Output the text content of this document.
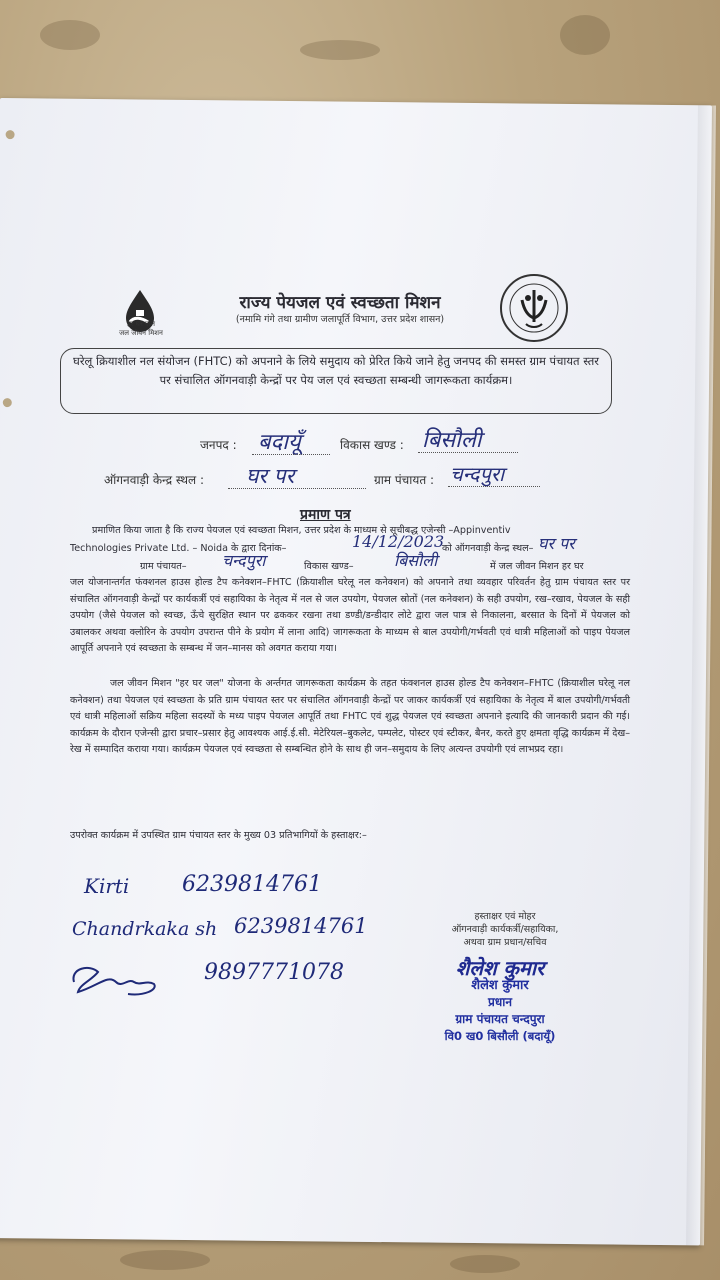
हर घर जल
जल जीवन मिशन
राज्य पेयजल एवं स्वच्छता मिशन
(नमामि गंगे तथा ग्रामीण जलापूर्ति विभाग, उत्तर प्रदेश शासन)
घरेलू क्रियाशील नल संयोजन (FHTC) को अपनाने के लिये समुदाय को प्रेरित किये जाने हेतु जनपद की समस्त ग्राम पंचायत स्तर पर संचालित ऑगनवाड़ी केन्द्रों पर पेय जल एवं स्वच्छता सम्बन्धी जागरूकता कार्यक्रम।
जनपद : बदायूँ	विकास खण्ड : बिसौली
ऑगनवाड़ी केन्द्र स्थल : घर पर	ग्राम पंचायत : चन्दपुरा
प्रमाण पत्र
प्रमाणित किया जाता है कि राज्य पेयजल एवं स्वच्छता मिशन, उत्तर प्रदेश के माध्यम से सूचीबद्ध एजेन्सी –Appinventiv
Technologies Private Ltd. – Noida के द्वारा दिनांक–	14/12/2023
को ऑगनवाड़ी केन्द्र स्थल– घर पर
ग्राम पंचायत– चन्दपुरा	विकास खण्ड–	बिसौली	में जल जीवन मिशन हर घर
जल योजनान्तर्गत फंक्शनल हाउस होल्ड टैप कनेक्शन–FHTC (क्रियाशील घरेलू नल कनेक्शन) को अपनाने तथा व्यवहार परिवर्तन हेतु ग्राम पंचायत स्तर पर संचालित ऑगनवाड़ी केन्द्रों पर कार्यकर्त्री एवं सहायिका के नेतृत्व में नल से जल उपयोग, पेयजल स्रोतों (नल कनेक्शन) के सही उपयोग, रख–रखाव, पेयजल के सही उपयोग (जैसे पेयजल को स्वच्छ, ऊँचे सुरक्षित स्थान पर ढककर रखना तथा डण्डी/डन्डीदार लोटे द्वारा जल पात्र से निकालना, बरसात के दिनों में पेयजल को उबालकर अथवा क्लोरिन के उपयोग उपरान्त पीने के प्रयोग में लाना आदि) जागरूकता के माध्यम से बाल उपयोगी/गर्भवती एवं धात्री महिलाओं को पाइप पेयजल आपूर्ति अपनाने एवं स्वच्छता के सम्बन्ध में जन–मानस को अवगत कराया गया।
जल जीवन मिशन "हर घर जल" योजना के अर्न्तगत जागरूकता कार्यक्रम के तहत फंक्शनल हाउस होल्ड टैप कनेक्शन–FHTC (क्रियाशील घरेलू नल कनेक्शन) तथा पेयजल एवं स्वच्छता के प्रति ग्राम पंचायत स्तर पर संचालित ऑगनवाड़ी केन्द्रों पर जाकर कार्यकर्त्री एवं सहायिका के नेतृत्व में बाल उपयोगी/गर्भवती एवं धात्री महिलाओं सक्रिय महिला सदस्यों के मध्य पाइप पेयजल आपूर्ति तथा FHTC एवं शुद्ध पेयजल एवं स्वच्छता अपनाने इत्यादि की जानकारी प्रदान की गई। कार्यक्रम के दौरान एजेन्सी द्वारा प्रचार–प्रसार हेतु आवश्यक आई.ई.सी. मेटेरियल–बुकलेट, पम्पलेट, पोस्टर एवं स्टीकर, बैनर, करते हुए क्षमता वृद्धि कार्यक्रम में देख–रेख में सम्पादित कराया गया। कार्यक्रम पेयजल एवं स्वच्छता से सम्बन्धित होने के साथ ही जन–समुदाय के लिए अत्यन्त उपयोगी एवं लाभप्रद रहा।
उपरोक्त कार्यक्रम में उपस्थित ग्राम पंचायत स्तर के मुख्य 03 प्रतिभागियों के हस्ताक्षर:–
Kirti 6239814761
Chandrkaka sh 6239814761
9897771078
हस्ताक्षर एवं मोहर
ऑगनवाड़ी कार्यकर्त्री/सहायिका,
अथवा ग्राम प्रधान/सचिव
शैलेश कुमार
शैलेश कुमार
प्रधान
ग्राम पंचायत चन्दपुरा
वि0 ख0 बिसौली (बदायूँ)
